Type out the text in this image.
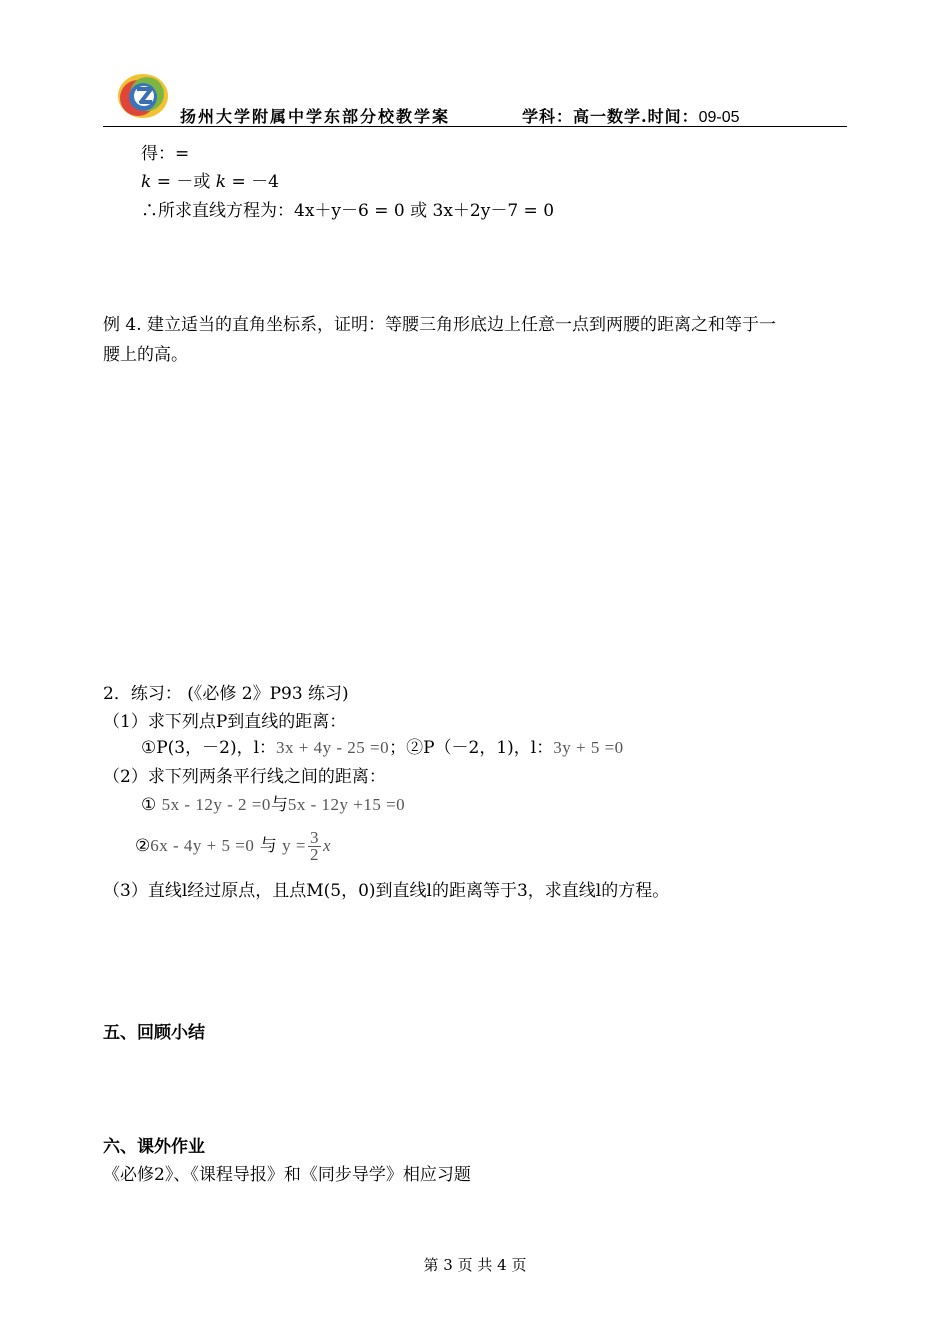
扬州大学附属中学东部分校教学案	学科：高一数学.时间：09-05
得：=
k = －或 k = －4
∴所求直线方程为：4x＋y－6 = 0 或 3x＋2y－7 = 0
例 4. 建立适当的直角坐标系，证明：等腰三角形底边上任意一点到两腰的距离之和等于一
腰上的高。
2．练习： (《必修 2》P93 练习)
（1）求下列点P到直线的距离：
①P(3，－2)，l：3x + 4y - 25 =0；②P（－2，1)，l：3y + 5 =0
（2）求下列两条平行线之间的距离：
① 5x - 12y - 2 =0与5x - 12y +15 =0
②6x - 4y + 5 =0 与 $y = \frac{3}{2}$ x
（3）直线l经过原点，且点M(5，0)到直线l的距离等于3，求直线l的方程。
五、回顾小结
六、课外作业
《必修2》、《课程导报》和《同步导学》相应习题
第 3 页 共 4 页
